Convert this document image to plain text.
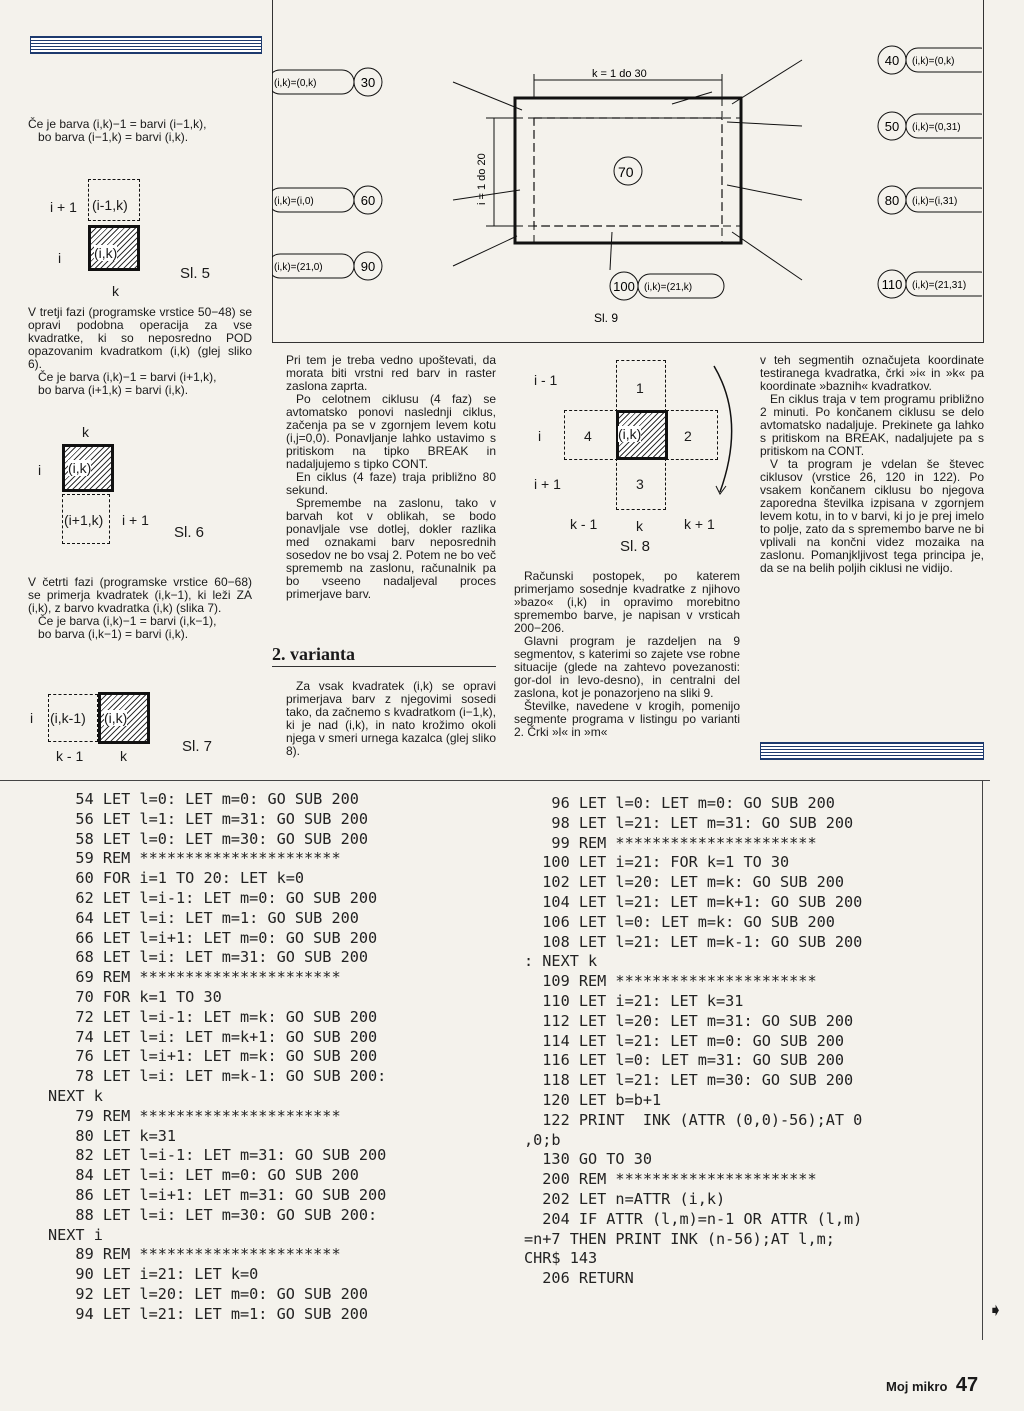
Če je barva (i,k)−1 = barvi (i−1,k),
bo barva (i−1,k) = barvi (i,k).

(i-1,k)
i + 1
(i,k)
i
k
Sl. 5

V tretji fazi (programske vrstice 50−48) se opravi podobna operacija za vse kvadratke, ki so neposredno POD opazovanim kvadratkom (i,k) (glej sliko 6).

Če je barva (i,k)−1 = barvi (i+1,k),
bo barva (i+1,k) = barvi (i,k).

k
(i,k)
i
(i+1,k) i + 1
Sl. 6

V četrti fazi (programske vrstice 60−68) se primerja kvadratek (i,k−1), ki leži ZA (i,k), z barvo kvadratka (i,k) (slika 7).

Če je barva (i,k)−1 = barvi (i,k−1),
bo barva (i,k−1) = barvi (i,k).

i (i,k-1) (i,k)
k - 1	k
Sl. 7
(i,k)=(0,k)	30
(i,k)=(i,0)	60
(i,k)=(21,0)	90
(i,k)=(0,k)
40
(i,k)=(0,31)
50
(i,k)=(i,31)
80
(i,k)=(21,k)
100	(i,k)=(21,31)
110
k = 1 do 30
i = 1 do 20	70
Sl. 9

Pri tem je treba vedno upoštevati, da morata biti vrstni red barv in raster zaslona zaprta.

Po celotnem ciklusu (4 faz) se avtomatsko ponovi naslednji ciklus, začenja pa se v zgornjem levem kotu (i,j=0,0). Ponavljanje lahko ustavimo s pritiskom na tipko BREAK in nadaljujemo s tipko CONT.

En ciklus (4 faze) traja približno 80 sekund.

Spremembe na zaslonu, tako v barvah kot v oblikah, se bodo ponavljale vse dotlej, dokler razlika med oznakami barv neposrednih sosedov ne bo vsaj 2. Potem ne bo več sprememb na zaslonu, računalnik pa bo vseeno nadaljeval proces primerjave barv.

2. varianta

Za vsak kvadratek (i,k) se opravi primerjava barv z njegovimi sosedi tako, da začnemo s kvadratkom (i−1,k), ki je nad (i,k), in nato krožimo okoli njega v smeri urnega kazalca (glej sliko 8).

i - 1
i
i + 1
1
4 (i,k)	2
3
k - 1	k	k + 1
Sl. 8

Računski postopek, po katerem primerjamo sosednje kvadratke z njihovo »bazo« (i,k) in opravimo morebitno spremembo barve, je napisan v vrsticah 200−206.

Glavni program je razdeljen na 9 segmentov, s katerimi so zajete vse robne situacije (glede na zahtevo povezanosti: gor-dol in levo-desno), in centralni del zaslona, kot je ponazorjeno na sliki 9.

Številke, navedene v krogih, pomenijo segmente programa v listingu po varianti 2. Črki »l« in »m«

v teh segmentih označujeta koordinate testiranega kvadratka, črki »i« in »k« pa koordinate »baznih« kvadratkov.

En ciklus traja v tem programu približno 2 minuti. Po končanem ciklusu se delo avtomatsko nadaljuje. Prekinete ga lahko s pritiskom na BREAK, nadaljujete pa s pritiskom na CONT.

V ta program je vdelan še števec ciklusov (vrstice 26, 120 in 122). Po vsakem končanem ciklusu bo njegova zaporedna številka izpisana v zgornjem levem kotu, in to v barvi, ki jo je prej imelo to polje, zato da s spremembo barve ne bi vplivali na končni videz mozaika na zaslonu. Pomanjkljivost tega principa je, da se na belih poljih ciklusi ne vidijo.

54 LET l=0: LET m=0: GO SUB 200
56 LET l=1: LET m=31: GO SUB 200
58 LET l=0: LET m=30: GO SUB 200
59 REM **********************
60 FOR i=1 TO 20: LET k=0
62 LET l=i-1: LET m=0: GO SUB 200
64 LET l=i: LET m=1: GO SUB 200
66 LET l=i+1: LET m=0: GO SUB 200
68 LET l=i: LET m=31: GO SUB 200
69 REM **********************
70 FOR k=1 TO 30
72 LET l=i-1: LET m=k: GO SUB 200
74 LET l=i: LET m=k+1: GO SUB 200
76 LET l=i+1: LET m=k: GO SUB 200
78 LET l=i: LET m=k-1: GO SUB 200:
NEXT k
79 REM **********************
80 LET k=31
82 LET l=i-1: LET m=31: GO SUB 200
84 LET l=i: LET m=0: GO SUB 200
86 LET l=i+1: LET m=31: GO SUB 200
88 LET l=i: LET m=30: GO SUB 200:
NEXT i
89 REM **********************
90 LET i=21: LET k=0
92 LET l=20: LET m=0: GO SUB 200
94 LET l=21: LET m=1: GO SUB 200
96 LET l=0: LET m=0: GO SUB 200
98 LET l=21: LET m=31: GO SUB 200
99 REM **********************
100 LET i=21: FOR k=1 TO 30
102 LET l=20: LET m=k: GO SUB 200
104 LET l=21: LET m=k+1: GO SUB 200
106 LET l=0: LET m=k: GO SUB 200
108 LET l=21: LET m=k-1: GO SUB 200
: NEXT k
109 REM **********************
110 LET i=21: LET k=31
112 LET l=20: LET m=31: GO SUB 200
114 LET l=21: LET m=0: GO SUB 200
116 LET l=0: LET m=31: GO SUB 200
118 LET l=21: LET m=30: GO SUB 200
120 LET b=b+1
122 PRINT  INK (ATTR (0,0)-56);AT 0
,0;b
130 GO TO 30
200 REM **********************
202 LET n=ATTR (i,k)
204 IF ATTR (l,m)=n-1 OR ATTR (l,m)
=n+7 THEN PRINT INK (n-56);AT l,m;
CHR$ 143
206 RETURN
Moj mikro 47
➧
